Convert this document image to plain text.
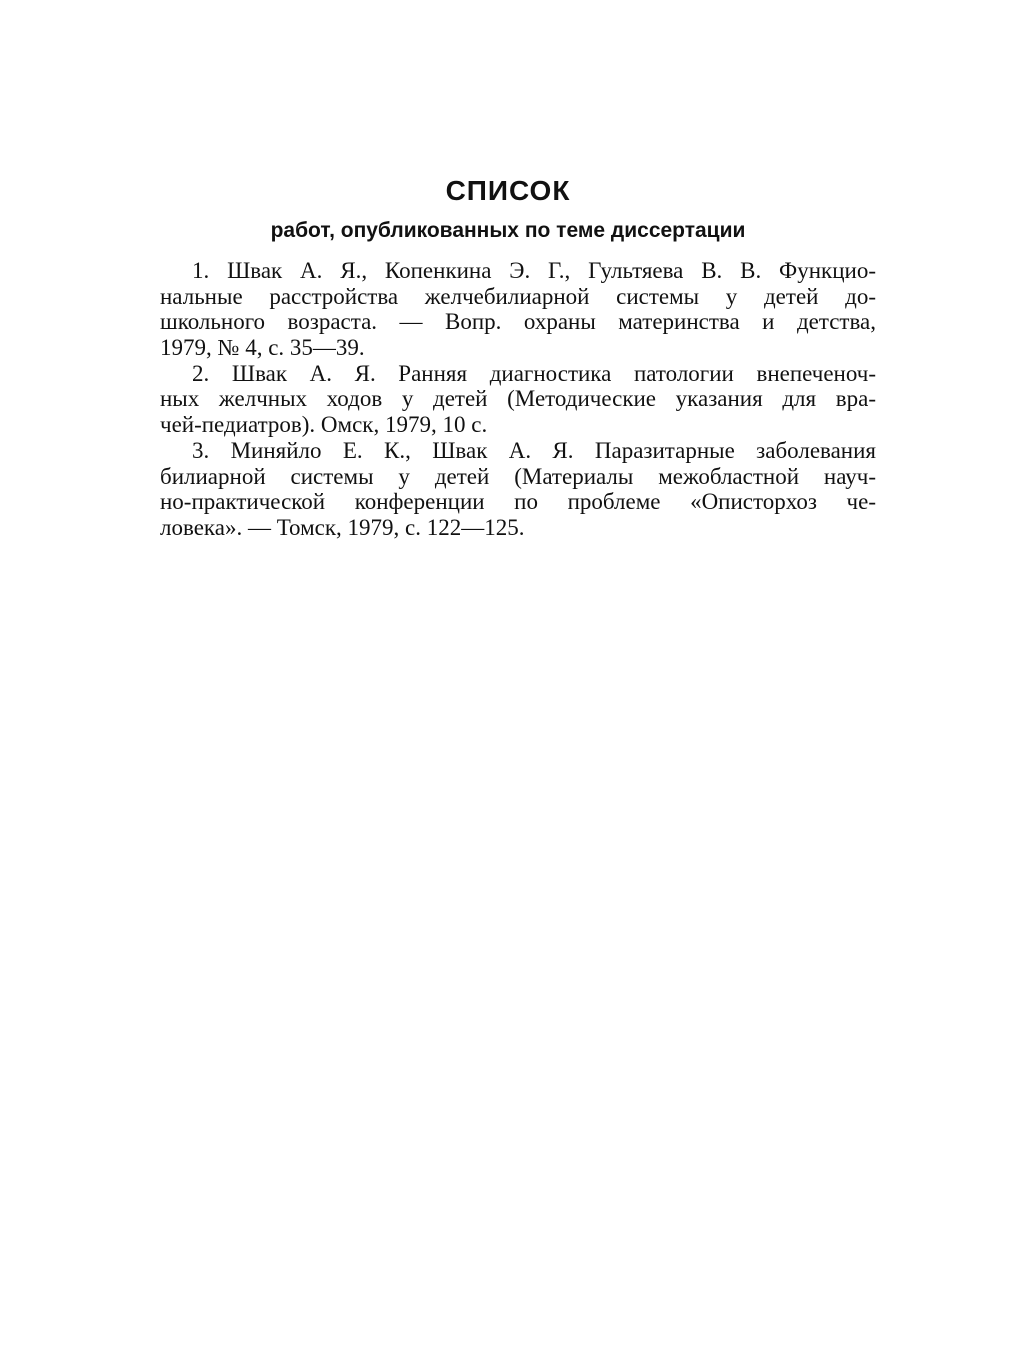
СПИСОК
работ, опубликованных по теме диссертации
1. Швак А. Я., Копенкина Э. Г., Гультяева В. В. Функцио-
нальные расстройства желчебилиарной системы у детей до-
школьного возраста. — Вопр. охраны материнства и детства,
1979, № 4, с. 35—39.
2. Швак А. Я. Ранняя диагностика патологии внепеченоч-
ных желчных ходов у детей (Методические указания для вра-
чей-педиатров). Омск, 1979, 10 с.
3. Миняйло Е. К., Швак А. Я. Паразитарные заболевания
билиарной системы у детей (Материалы межобластной науч-
но-практической конференции по проблеме «Описторхоз че-
ловека». — Томск, 1979, с. 122—125.
